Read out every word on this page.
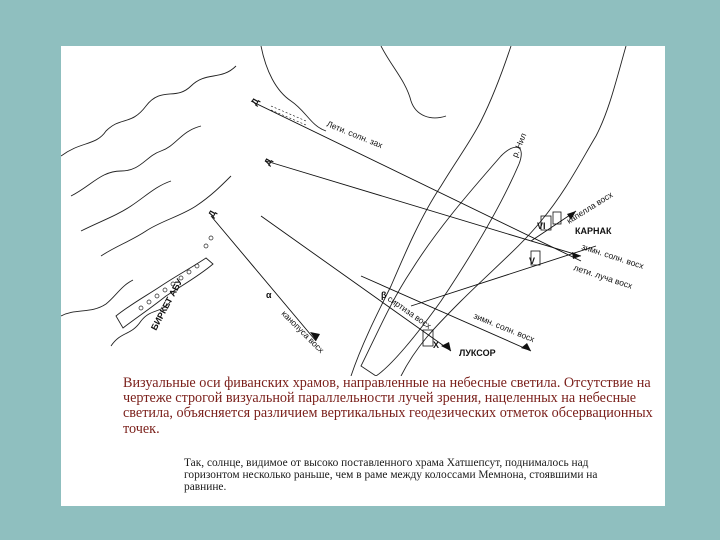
Д
Д
Д
α	β
VI
V
X
Лети. солн. зах	р. Нил
капелла восх
КАРНАК
зимн. солн. восх
лети. лучa восх
сиртиза восх	зимн. солн. восх
канопуса восх	ЛУКСОР
БИРКЕТ АБУ

Визуальные оси фиванских храмов, направленные на небесные светила. Отсутствие на чертеже строгой визуальной параллельности лучей зрения, нацеленных на небесные светила, объясняется различием вертикальных геодезических отметок обсервационных точек.

Так, солнце, видимое от высоко поставленного храма Хатшепсут, поднималось над горизонтом несколько раньше, чем в раме между колоссами Мемнона, стоявшими на равнине.
